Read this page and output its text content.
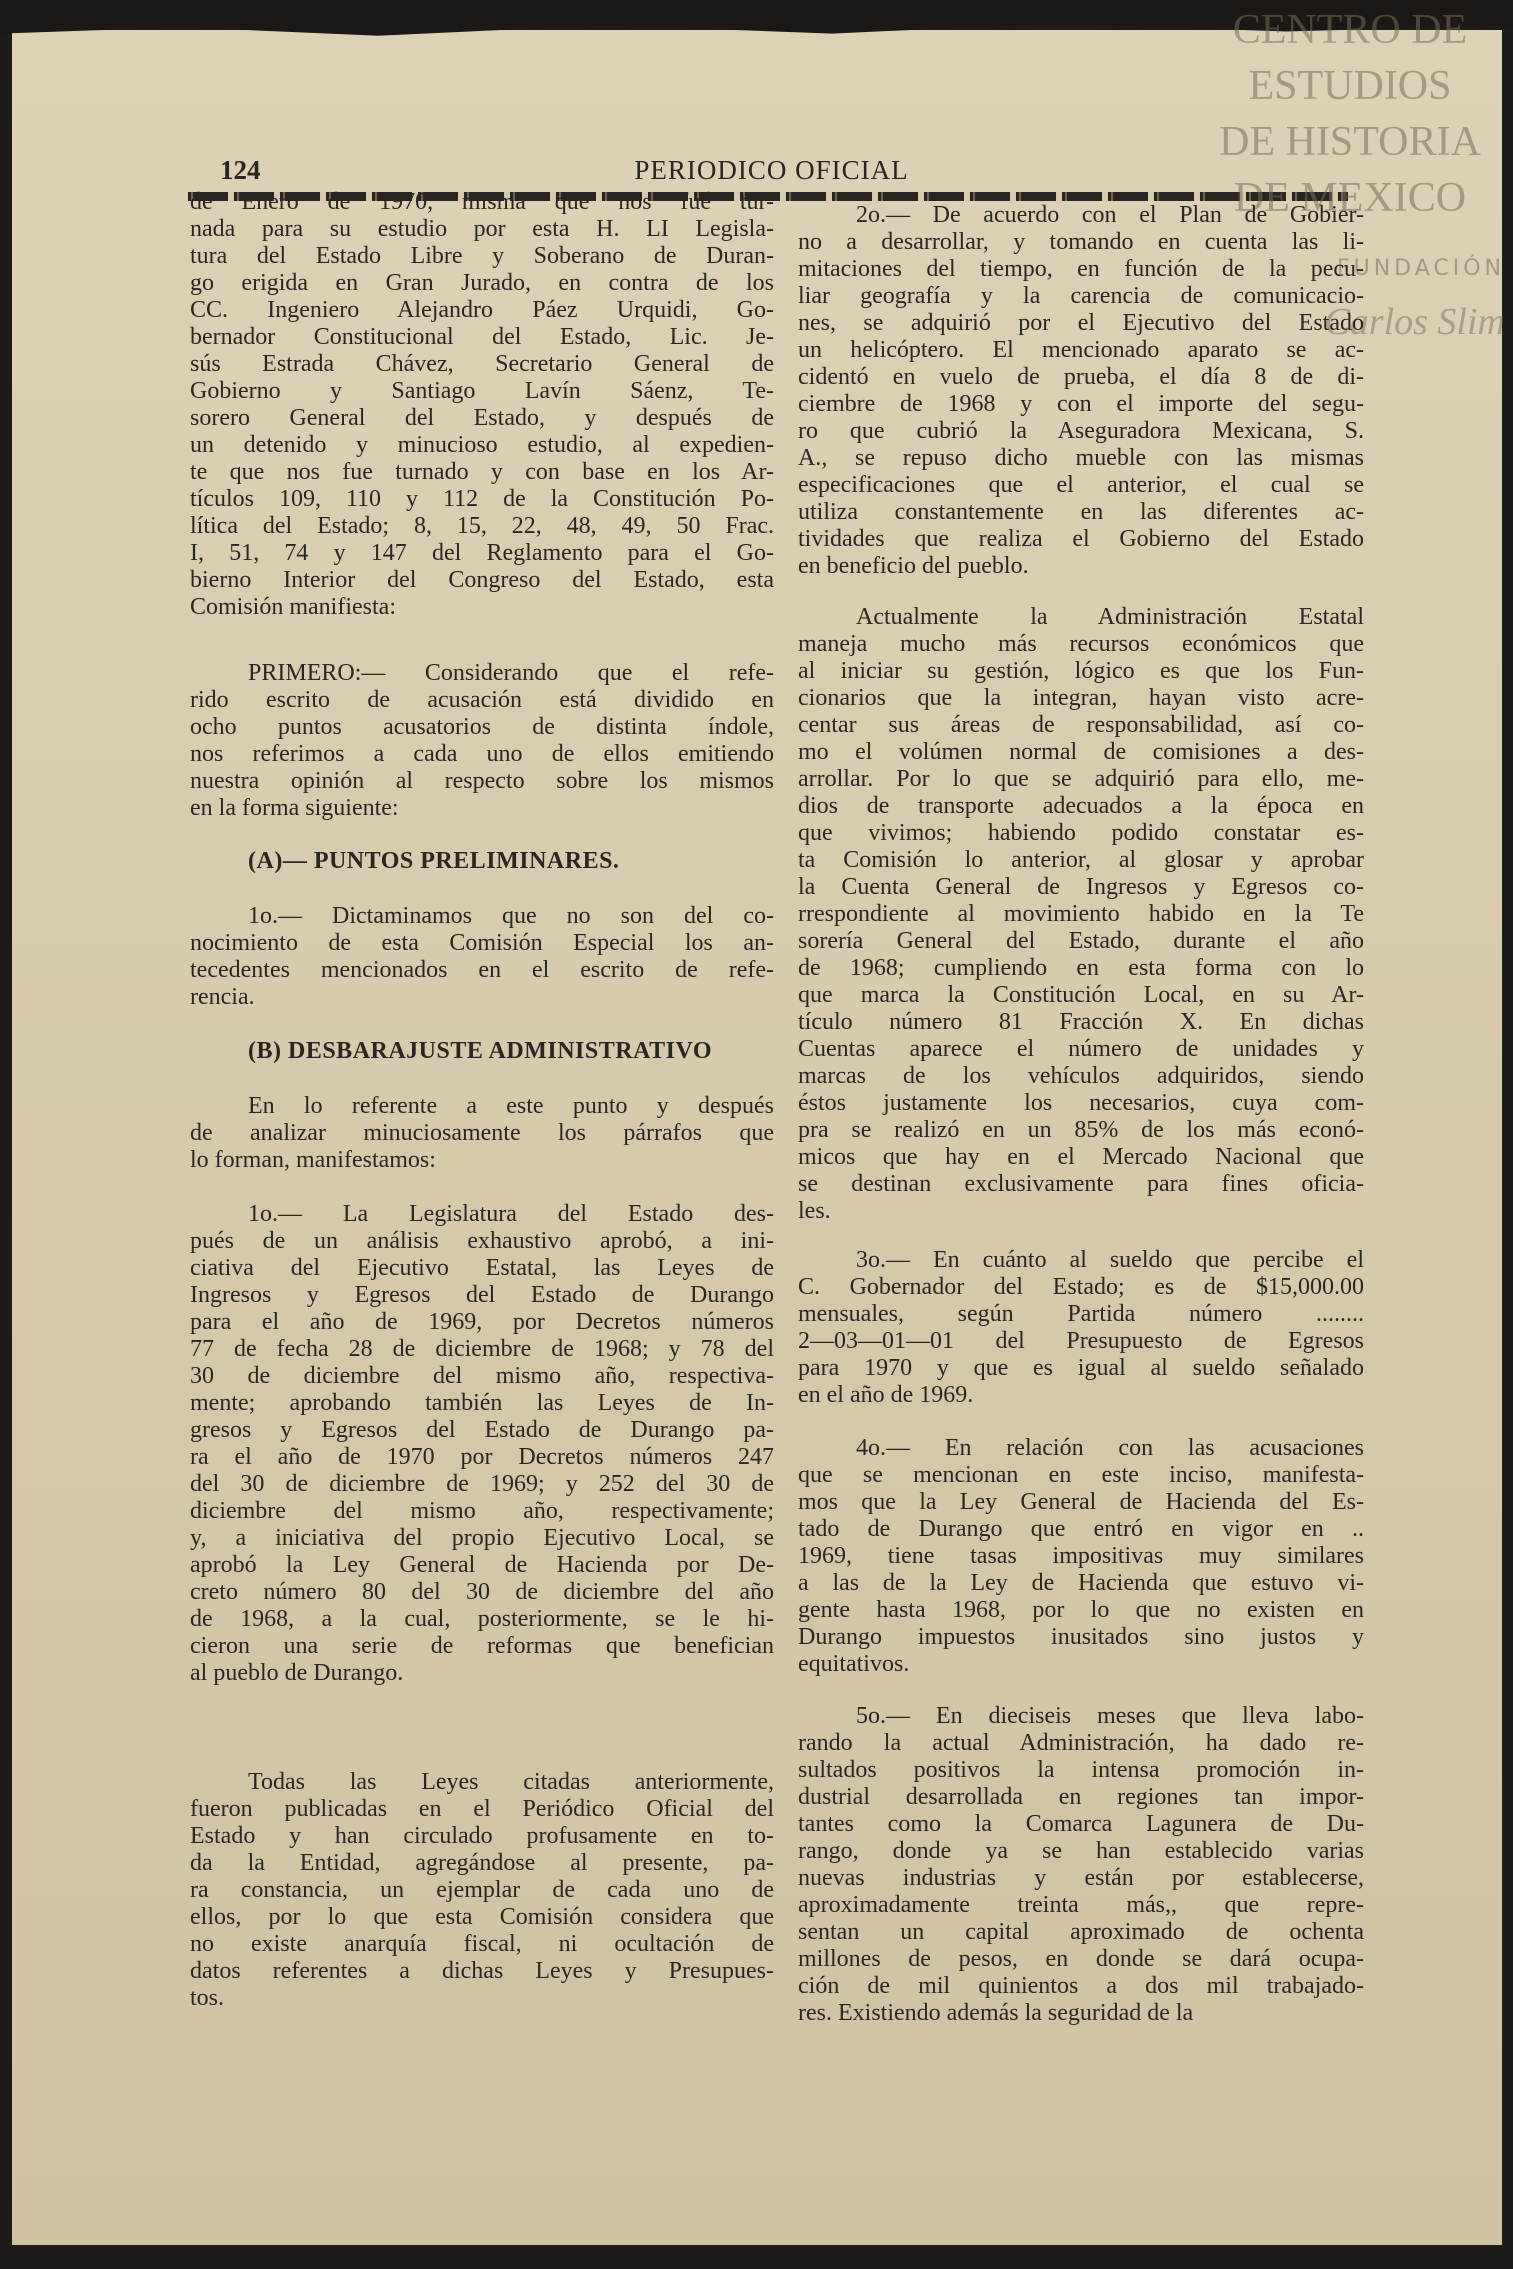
124	PERIODICO OFICIAL
CENTRO DE
ESTUDIOS
DE HISTORIA
DE MEXICO
FUNDACIÓN
Carlos Slim
de Enero de 1970, misma que nos fué tur-
nada para su estudio por esta H. LI Legisla-
tura del Estado Libre y Soberano de Duran-
go erigida en Gran Jurado, en contra de los
CC. Ingeniero Alejandro Páez Urquidi, Go-
bernador Constitucional del Estado, Lic. Je-
sús Estrada Chávez, Secretario General de
Gobierno y Santiago Lavín Sáenz, Te-
sorero General del Estado, y después de
un detenido y minucioso estudio, al expedien-
te que nos fue turnado y con base en los Ar-
tículos 109, 110 y 112 de la Constitución Po-
lítica del Estado; 8, 15, 22, 48, 49, 50 Frac.
I, 51, 74 y 147 del Reglamento para el Go-
bierno Interior del Congreso del Estado, esta
Comisión manifiesta:
PRIMERO:— Considerando que el refe-
rido escrito de acusación está dividido en
ocho puntos acusatorios de distinta índole,
nos referimos a cada uno de ellos emitiendo
nuestra opinión al respecto sobre los mismos
en la forma siguiente:
(A)— PUNTOS PRELIMINARES.
1o.— Dictaminamos que no son del co-
nocimiento de esta Comisión Especial los an-
tecedentes mencionados en el escrito de refe-
rencia.
(B) DESBARAJUSTE ADMINISTRATIVO
En lo referente a este punto y después
de analizar minuciosamente los párrafos que
lo forman, manifestamos:
1o.— La Legislatura del Estado des-
pués de un análisis exhaustivo aprobó, a ini-
ciativa del Ejecutivo Estatal, las Leyes de
Ingresos y Egresos del Estado de Durango
para el año de 1969, por Decretos números
77 de fecha 28 de diciembre de 1968; y 78 del
30 de diciembre del mismo año, respectiva-
mente; aprobando también las Leyes de In-
gresos y Egresos del Estado de Durango pa-
ra el año de 1970 por Decretos números 247
del 30 de diciembre de 1969; y 252 del 30 de
diciembre del mismo año, respectivamente;
y, a iniciativa del propio Ejecutivo Local, se
aprobó la Ley General de Hacienda por De-
creto número 80 del 30 de diciembre del año
de 1968, a la cual, posteriormente, se le hi-
cieron una serie de reformas que benefician
al pueblo de Durango.
Todas las Leyes citadas anteriormente,
fueron publicadas en el Periódico Oficial del
Estado y han circulado profusamente en to-
da la Entidad, agregándose al presente, pa-
ra constancia, un ejemplar de cada uno de
ellos, por lo que esta Comisión considera que
no existe anarquía fiscal, ni ocultación de
datos referentes a dichas Leyes y Presupues-
tos.
2o.— De acuerdo con el Plan de Gobier-
no a desarrollar, y tomando en cuenta las li-
mitaciones del tiempo, en función de la pecu-
liar geografía y la carencia de comunicacio-
nes, se adquirió por el Ejecutivo del Estado
un helicóptero. El mencionado aparato se ac-
cidentó en vuelo de prueba, el día 8 de di-
ciembre de 1968 y con el importe del segu-
ro que cubrió la Aseguradora Mexicana, S.
A., se repuso dicho mueble con las mismas
especificaciones que el anterior, el cual se
utiliza constantemente en las diferentes ac-
tividades que realiza el Gobierno del Estado
en beneficio del pueblo.
Actualmente la Administración Estatal
maneja mucho más recursos económicos que
al iniciar su gestión, lógico es que los Fun-
cionarios que la integran, hayan visto acre-
centar sus áreas de responsabilidad, así co-
mo el volúmen normal de comisiones a des-
arrollar. Por lo que se adquirió para ello, me-
dios de transporte adecuados a la época en
que vivimos; habiendo podido constatar es-
ta Comisión lo anterior, al glosar y aprobar
la Cuenta General de Ingresos y Egresos co-
rrespondiente al movimiento habido en la Te
sorería General del Estado, durante el año
de 1968; cumpliendo en esta forma con lo
que marca la Constitución Local, en su Ar-
tículo número 81 Fracción X. En dichas
Cuentas aparece el número de unidades y
marcas de los vehículos adquiridos, siendo
éstos justamente los necesarios, cuya com-
pra se realizó en un 85% de los más econó-
micos que hay en el Mercado Nacional que
se destinan exclusivamente para fines oficia-
les.
3o.— En cuánto al sueldo que percibe el
C. Gobernador del Estado; es de $15,000.00
mensuales, según Partida número ........
2—03—01—01 del Presupuesto de Egresos
para 1970 y que es igual al sueldo señalado
en el año de 1969.
4o.— En relación con las acusaciones
que se mencionan en este inciso, manifesta-
mos que la Ley General de Hacienda del Es-
tado de Durango que entró en vigor en ..
1969, tiene tasas impositivas muy similares
a las de la Ley de Hacienda que estuvo vi-
gente hasta 1968, por lo que no existen en
Durango impuestos inusitados sino justos y
equitativos.
5o.— En dieciseis meses que lleva labo-
rando la actual Administración, ha dado re-
sultados positivos la intensa promoción in-
dustrial desarrollada en regiones tan impor-
tantes como la Comarca Lagunera de Du-
rango, donde ya se han establecido varias
nuevas industrias y están por establecerse,
aproximadamente treinta más,, que repre-
sentan un capital aproximado de ochenta
millones de pesos, en donde se dará ocupa-
ción de mil quinientos a dos mil trabajado-
res. Existiendo además la seguridad de la
